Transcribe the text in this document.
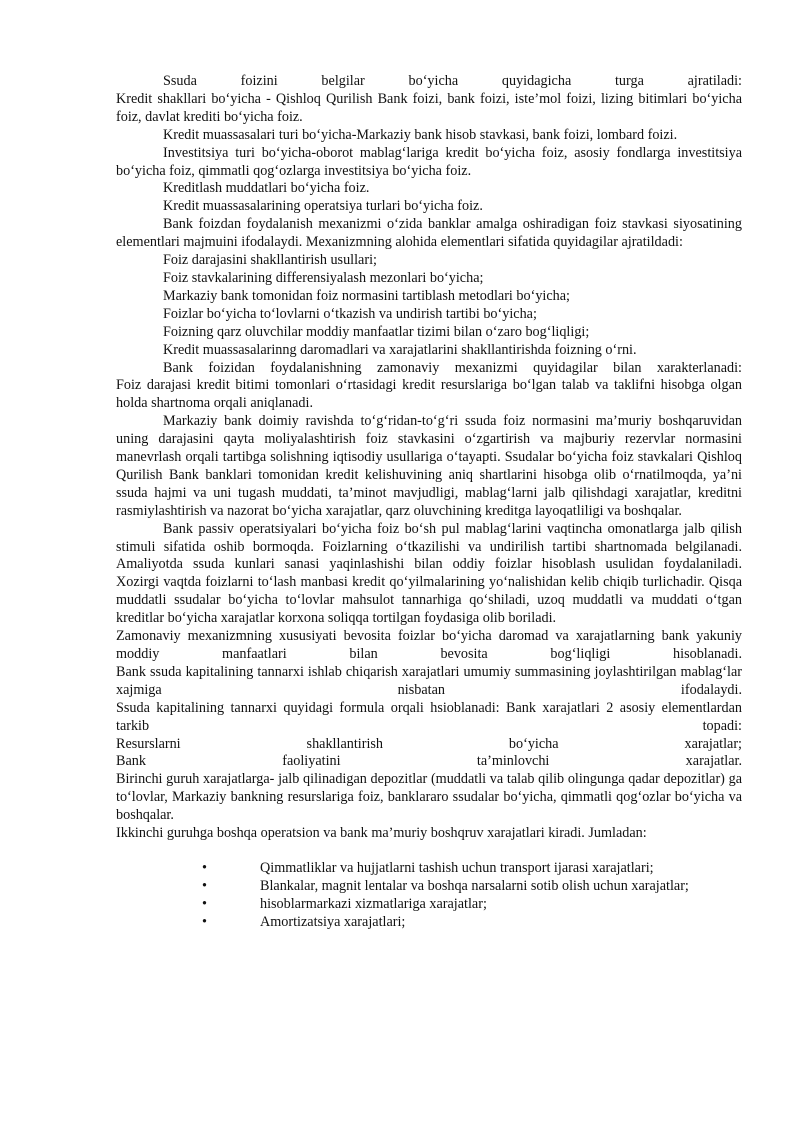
Ssuda foizini belgilar bo‘yicha quyidagicha turga ajratiladi:

Kredit shakllari bo‘yicha - Qishloq Qurilish Bank foizi, bank foizi, iste’mol foizi, lizing bitimlari bo‘yicha foiz, davlat krediti bo‘yicha foiz.

Kredit muassasalari turi bo‘yicha-Markaziy bank hisob stavkasi, bank foizi, lombard foizi.

Investitsiya turi bo‘yicha-oborot mablag‘lariga kredit bo‘yicha foiz, asosiy fondlarga investitsiya bo‘yicha foiz, qimmatli qog‘ozlarga investitsiya bo‘yicha foiz.

Kreditlash muddatlari bo‘yicha foiz.

Kredit muassasalarining operatsiya turlari bo‘yicha foiz.

Bank foizdan foydalanish mexanizmi o‘zida banklar amalga oshiradigan foiz stavkasi siyosatining elementlari majmuini ifodalaydi. Mexanizmning alohida elementlari sifatida quyidagilar ajratildadi:

Foiz darajasini shakllantirish usullari;

Foiz stavkalarining differensiyalash mezonlari bo‘yicha;

Markaziy bank tomonidan foiz normasini tartiblash metodlari bo‘yicha;

Foizlar bo‘yicha to‘lovlarni o‘tkazish va undirish tartibi bo‘yicha;

Foizning qarz oluvchilar moddiy manfaatlar tizimi bilan o‘zaro bog‘liqligi;

Kredit muassasalarinng daromadlari va xarajatlarini shakllantirishda foizning o‘rni.

Bank foizidan foydalanishning zamonaviy mexanizmi quyidagilar bilan xarakterlanadi:

Foiz darajasi kredit bitimi tomonlari o‘rtasidagi kredit resurslariga bo‘lgan talab va taklifni hisobga olgan holda shartnoma orqali aniqlanadi.

Markaziy bank doimiy ravishda to‘g‘ridan-to‘g‘ri ssuda foiz normasini ma’muriy boshqaruvidan uning darajasini qayta moliyalashtirish foiz stavkasini o‘zgartirish va majburiy rezervlar normasini manevrlash orqali tartibga solishning iqtisodiy usullariga o‘tayapti. Ssudalar bo‘yicha foiz stavkalari Qishloq Qurilish Bank banklari tomonidan kredit kelishuvining aniq shartlarini hisobga olib o‘rnatilmoqda, ya’ni ssuda hajmi va uni tugash muddati, ta’minot mavjudligi, mablag‘larni jalb qilishdagi xarajatlar, kreditni rasmiylashtirish va nazorat bo‘yicha xarajatlar, qarz oluvchining kreditga layoqatliligi va boshqalar.

Bank passiv operatsiyalari bo‘yicha foiz bo‘sh pul mablag‘larini vaqtincha omonatlarga jalb qilish stimuli sifatida oshib bormoqda. Foizlarning o‘tkazilishi va undirilish tartibi shartnomada belgilanadi. Amaliyotda ssuda kunlari sanasi yaqinlashishi bilan oddiy foizlar hisoblash usulidan foydalaniladi.

Xozirgi vaqtda foizlarni to‘lash manbasi kredit qo‘yilmalarining yo‘nalishidan kelib chiqib turlichadir. Qisqa muddatli ssudalar bo‘yicha to‘lovlar mahsulot tannarhiga qo‘shiladi, uzoq muddatli va muddati o‘tgan kreditlar bo‘yicha xarajatlar korxona soliqqa tortilgan foydasiga olib boriladi.

Zamonaviy mexanizmning xususiyati bevosita foizlar bo‘yicha daromad va xarajatlarning bank yakuniy moddiy manfaatlari bilan bevosita bog‘liqligi hisoblanadi.

Bank ssuda kapitalining tannarxi ishlab chiqarish xarajatlari umumiy summasining joylashtirilgan mablag‘lar xajmiga nisbatan ifodalaydi.

Ssuda kapitalining tannarxi quyidagi formula orqali hsioblanadi: Bank xarajatlari 2 asosiy elementlardan tarkib topadi:

Resurslarni shakllantirish bo‘yicha xarajatlar;

Bank faoliyatini ta’minlovchi xarajatlar.

Birinchi guruh xarajatlarga- jalb qilinadigan depozitlar (muddatli va talab qilib olingunga qadar depozitlar) ga to‘lovlar, Markaziy bankning resurslariga foiz, banklararo ssudalar bo‘yicha, qimmatli qog‘ozlar bo‘yicha va boshqalar.

Ikkinchi guruhga boshqa operatsion va bank ma’muriy boshqruv xarajatlari kiradi. Jumladan:

•	Qimmatliklar va hujjatlarni tashish uchun transport ijarasi xarajatlari;
•	Blankalar, magnit lentalar va boshqa narsalarni sotib olish uchun xarajatlar;
•	hisoblarmarkazi xizmatlariga xarajatlar;
•	Amortizatsiya xarajatlari;
